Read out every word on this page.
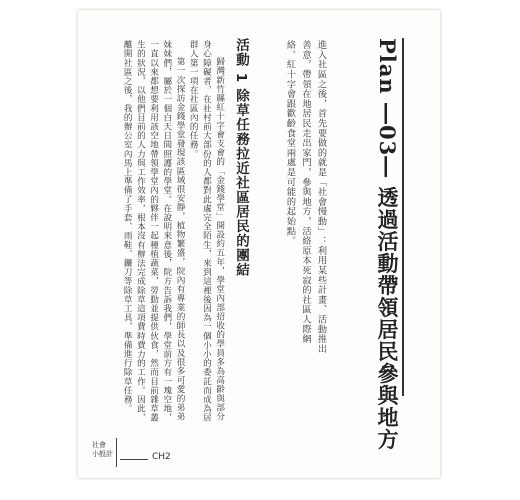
Plan ―03― 透過活動帶領居民參與地方
進入社區之後，首先要做的就是「社會慢動」：利用某些計畫、活動推出善意，帶領在地居民走出家門，參與地方，活絡原本死寂的社區人際網絡。紅十字會跟歡齡食堂兩處是可能的起始點。
活動 1 除草任務拉近社區居民的團結

歸灣新竹縣紅十字會支會的「金錢學堂」開設約五年，學堂內部招收的學員多為高齡與部分身心障礙者，在社村前大部份的人都對此處完全陌生，來到這裡後因為一個小小的委託而成為居群人第一項在社區內的任務。

第一次探訪金錢學堂發現該區域很安靜，植物繁盛，院內有專業的師長以及很多可愛的弟弟妹妹們，屬於一個白天日間照護的學堂。在說明來意後，院方告訴我們，學堂前方有一塊空地，一直以來都想要利用該空地帶領學堂內的夥伴一起種植蔬菜，勞動並提供伙食，然而目前雜草叢生的狀況，以他們目前的人力與工作效率，根本沒有辦法完成除草這項費時費力的工作。因此，離開社區之後，我的辦公室內馬上準備了手套、雨鞋、鐮刀等除草工具，準備進行除草任務。

社會
小般計	CH2
